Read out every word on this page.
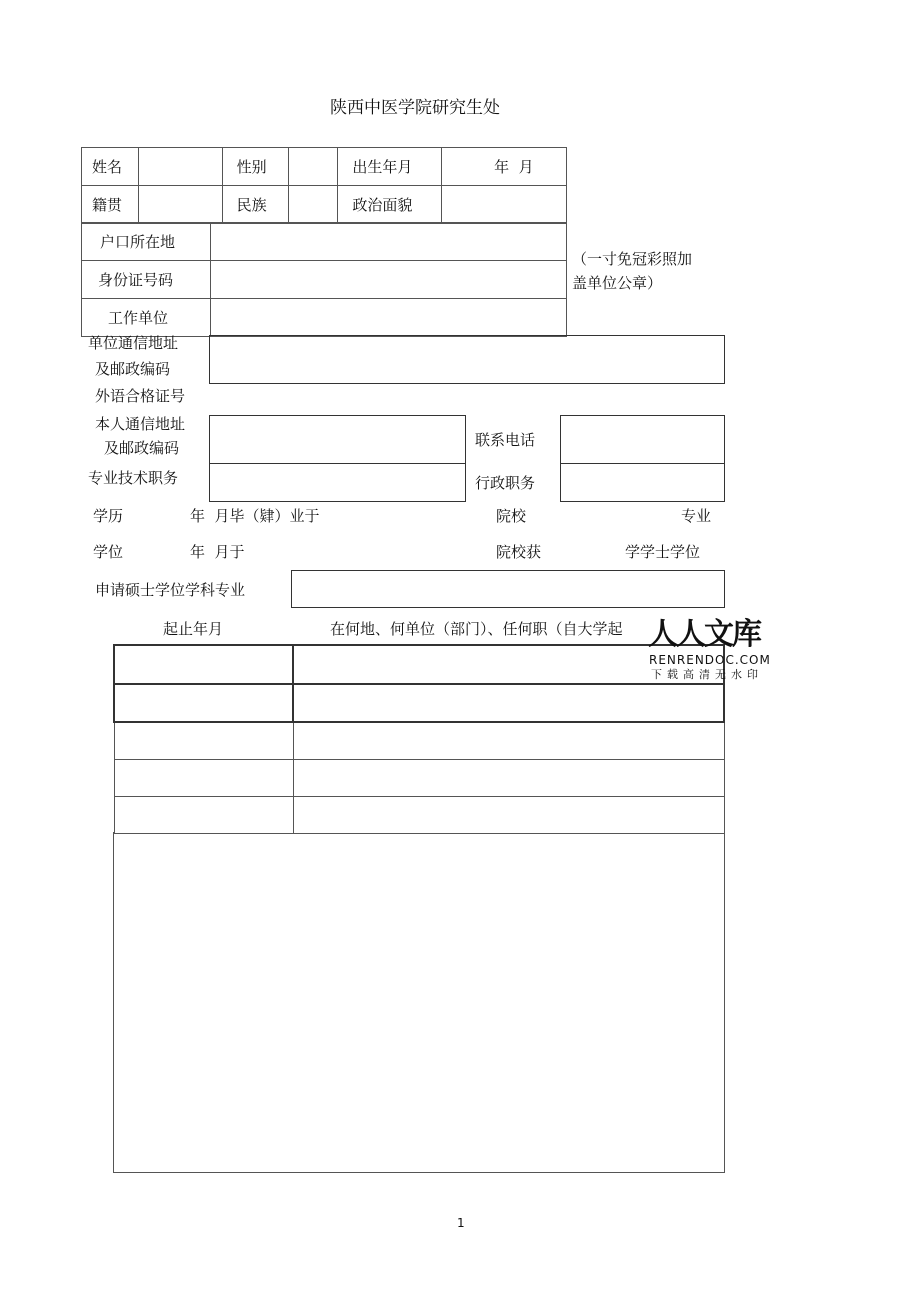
陕西中医学院研究生处
姓名		性别		出生年月	年  月
籍贯		民族		政治面貌	
户口所在地	
身份证号码	
工作单位	
（一寸免冠彩照加
盖单位公章）
单位通信地址
及邮政编码
外语合格证号
本人通信地址
及邮政编码	联系电话
专业技术职务	行政职务
学历	年  月毕（肄）业于	院校	专业
学位	年  月于	院校获	学学士学位
申请硕士学位学科专业
起止年月	在何地、何单位（部门）、任何职（自大学起

	人人文库
RENRENDOC.COM
下载高清无水印
1
